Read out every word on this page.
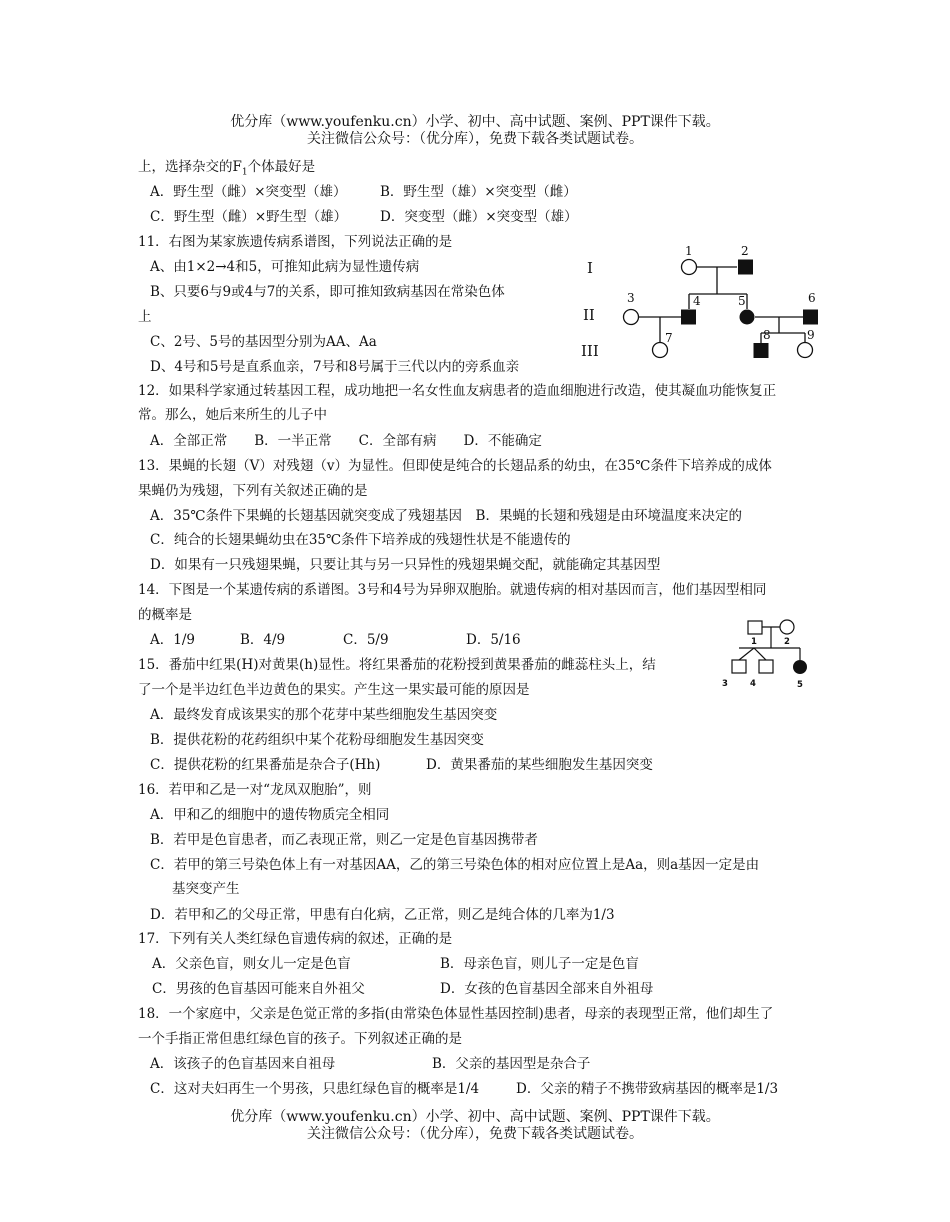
优分库（www.youfenku.cn）小学、初中、高中试题、案例、PPT课件下载。
关注微信公众号：（优分库），免费下载各类试题试卷。
上，选择杂交的$F_1$个体最好是
A．野生型（雌）×突变型（雄） B．野生型（雄）×突变型（雌）
C．野生型（雌）×野生型（雄） D．突变型（雌）×突变型（雄）
11．右图为某家族遗传病系谱图，下列说法正确的是
A、由1×2→4和5，可推知此病为显性遗传病
B、只要6与9或4与7的关系，即可推知致病基因在常染色体
上
C、2号、5号的基因型分别为AA、Aa
D、4号和5号是直系血亲，7号和8号属于三代以内的旁系血亲
I
II
III
1	2
3	4	5	6
7	8	9
12．如果科学家通过转基因工程，成功地把一名女性血友病患者的造血细胞进行改造，使其凝血功能恢复正
常。那么，她后来所生的儿子中
A．全部正常　　B．一半正常　　C．全部有病　　D．不能确定
13．果蝇的长翅（V）对残翅（v）为显性。但即使是纯合的长翅品系的幼虫，在35℃条件下培养成的成体
果蝇仍为残翅，下列有关叙述正确的是
A．35℃条件下果蝇的长翅基因就突变成了残翅基因　B．果蝇的长翅和残翅是由环境温度来决定的
C．纯合的长翅果蝇幼虫在35℃条件下培养成的残翅性状是不能遗传的
D．如果有一只残翅果蝇，只要让其与另一只异性的残翅果蝇交配，就能确定其基因型
14．下图是一个某遗传病的系谱图。3号和4号为异卵双胞胎。就遗传病的相对基因而言，他们基因型相同
的概率是
A．1/9	B．4/9	C．5/9	D．5/16	1	2
3	4	5
15．番茄中红果(H)对黄果(h)显性。将红果番茄的花粉授到黄果番茄的雌蕊柱头上，结
了一个是半边红色半边黄色的果实。产生这一果实最可能的原因是
A．最终发育成该果实的那个花芽中某些细胞发生基因突变
B．提供花粉的花药组织中某个花粉母细胞发生基因突变
C．提供花粉的红果番茄是杂合子(Hh)	D．黄果番茄的某些细胞发生基因突变
16．若甲和乙是一对“龙凤双胞胎”，则
A．甲和乙的细胞中的遗传物质完全相同
B．若甲是色盲患者，而乙表现正常，则乙一定是色盲基因携带者
C．若甲的第三号染色体上有一对基因AA，乙的第三号染色体的相对应位置上是Aa，则a基因一定是由
基突变产生
D．若甲和乙的父母正常，甲患有白化病，乙正常，则乙是纯合体的几率为1/3
17．下列有关人类红绿色盲遗传病的叙述，正确的是
A．父亲色盲，则女儿一定是色盲	B．母亲色盲，则儿子一定是色盲
C．男孩的色盲基因可能来自外祖父	D．女孩的色盲基因全部来自外祖母
18．一个家庭中，父亲是色觉正常的多指(由常染色体显性基因控制)患者，母亲的表现型正常，他们却生了
一个手指正常但患红绿色盲的孩子。下列叙述正确的是
A．该孩子的色盲基因来自祖母	B．父亲的基因型是杂合子
C．这对夫妇再生一个男孩，只患红绿色盲的概率是1/4	D．父亲的精子不携带致病基因的概率是1/3
优分库（www.youfenku.cn）小学、初中、高中试题、案例、PPT课件下载。
关注微信公众号：（优分库），免费下载各类试题试卷。
